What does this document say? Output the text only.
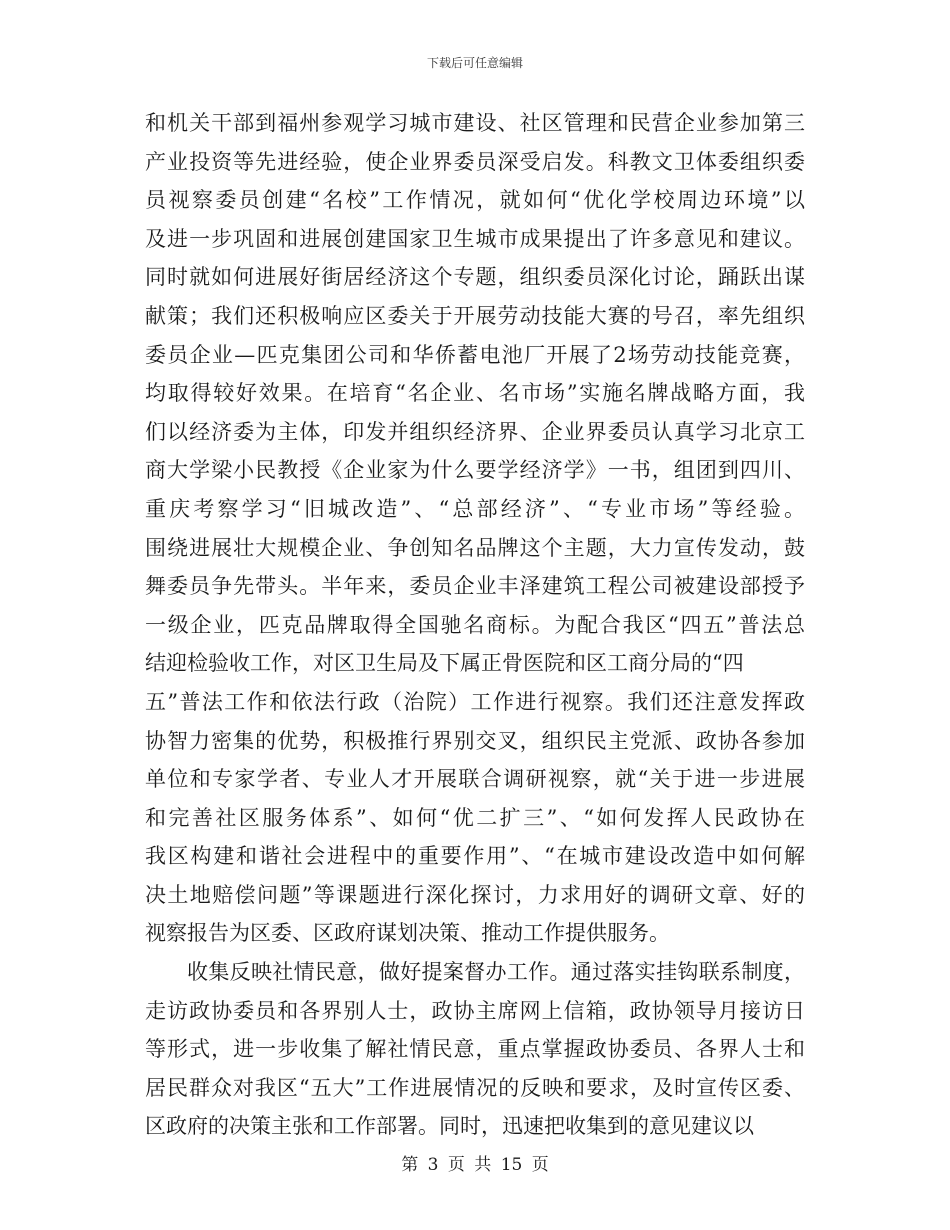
下载后可任意编辑
和机关干部到福州参观学习城市建设、社区管理和民营企业参加第三
产业投资等先进经验，使企业界委员深受启发。科教文卫体委组织委
员视察委员创建“名校”工作情况，就如何“优化学校周边环境”以
及进一步巩固和进展创建国家卫生城市成果提出了许多意见和建议。
同时就如何进展好街居经济这个专题，组织委员深化讨论，踊跃出谋
献策；我们还积极响应区委关于开展劳动技能大赛的号召，率先组织
委员企业—匹克集团公司和华侨蓄电池厂开展了2场劳动技能竞赛，
均取得较好效果。在培育“名企业、名市场”实施名牌战略方面，我
们以经济委为主体，印发并组织经济界、企业界委员认真学习北京工
商大学梁小民教授《企业家为什么要学经济学》一书，组团到四川、
重庆考察学习“旧城改造”、“总部经济”、“专业市场”等经验。
围绕进展壮大规模企业、争创知名品牌这个主题，大力宣传发动，鼓
舞委员争先带头。半年来，委员企业丰泽建筑工程公司被建设部授予
一级企业，匹克品牌取得全国驰名商标。为配合我区“四五”普法总
结迎检验收工作，对区卫生局及下属正骨医院和区工商分局的“四
五”普法工作和依法行政（治院）工作进行视察。我们还注意发挥政
协智力密集的优势，积极推行界别交叉，组织民主党派、政协各参加
单位和专家学者、专业人才开展联合调研视察，就“关于进一步进展
和完善社区服务体系”、如何“优二扩三”、“如何发挥人民政协在
我区构建和谐社会进程中的重要作用”、“在城市建设改造中如何解
决土地赔偿问题”等课题进行深化探讨，力求用好的调研文章、好的
视察报告为区委、区政府谋划决策、推动工作提供服务。
收集反映社情民意，做好提案督办工作。通过落实挂钩联系制度，
走访政协委员和各界别人士，政协主席网上信箱，政协领导月接访日
等形式，进一步收集了解社情民意，重点掌握政协委员、各界人士和
居民群众对我区“五大”工作进展情况的反映和要求，及时宣传区委、
区政府的决策主张和工作部署。同时，迅速把收集到的意见建议以
第 3 页 共 15 页
